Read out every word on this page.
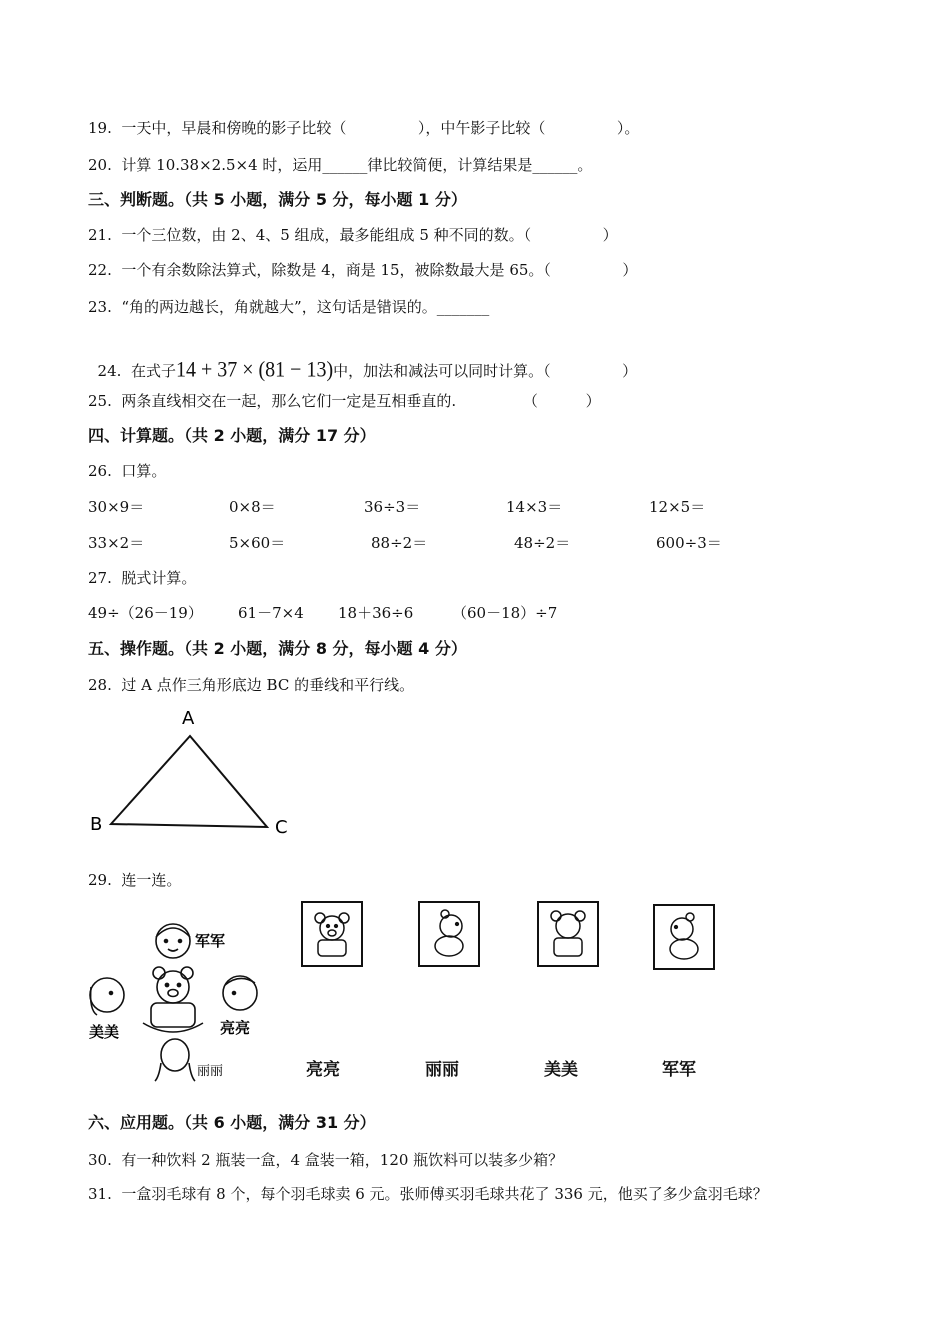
19.  一天中，早晨和傍晚的影子比较（               ），中午影子比较（               ）。
20.  计算 10.38×2.5×4 时，运用______律比较简便，计算结果是______。
三、判断题。（共 5 小题，满分 5 分，每小题 1 分）
21.  一个三位数，由 2、4、5 组成，最多能组成 5 种不同的数。（               ）
22.  一个有余数除法算式，除数是 4，商是 15，被除数最大是 65。（               ）
23.  “角的两边越长，角就越大”，这句话是错误的。_______

24.  在式子14 + 37 × (81 − 13)中，加法和减法可以同时计算。（               ）

25.  两条直线相交在一起，那么它们一定是互相垂直的.              （          ）
四、计算题。（共 2 小题，满分 17 分）
26.  口算。
30×9＝	0×8＝	36÷3＝	14×3＝	12×5＝
33×2＝	5×60＝	88÷2＝	48÷2＝	600÷3＝
27.  脱式计算。
49÷（26－19） 61－7×4 18＋36÷6	（60－18）÷7
五、操作题。（共 2 小题，满分 8 分，每小题 4 分）
28.  过 A 点作三角形底边 BC 的垂线和平行线。
A
B	C
29.  连一连。
军军
美美	亮亮
丽丽	亮亮	丽丽	美美	军军
六、应用题。（共 6 小题，满分 31 分）
30.  有一种饮料 2 瓶装一盒，4 盒装一箱，120 瓶饮料可以装多少箱？
31.  一盒羽毛球有 8 个，每个羽毛球卖 6 元。张师傅买羽毛球共花了 336 元，他买了多少盒羽毛球？
